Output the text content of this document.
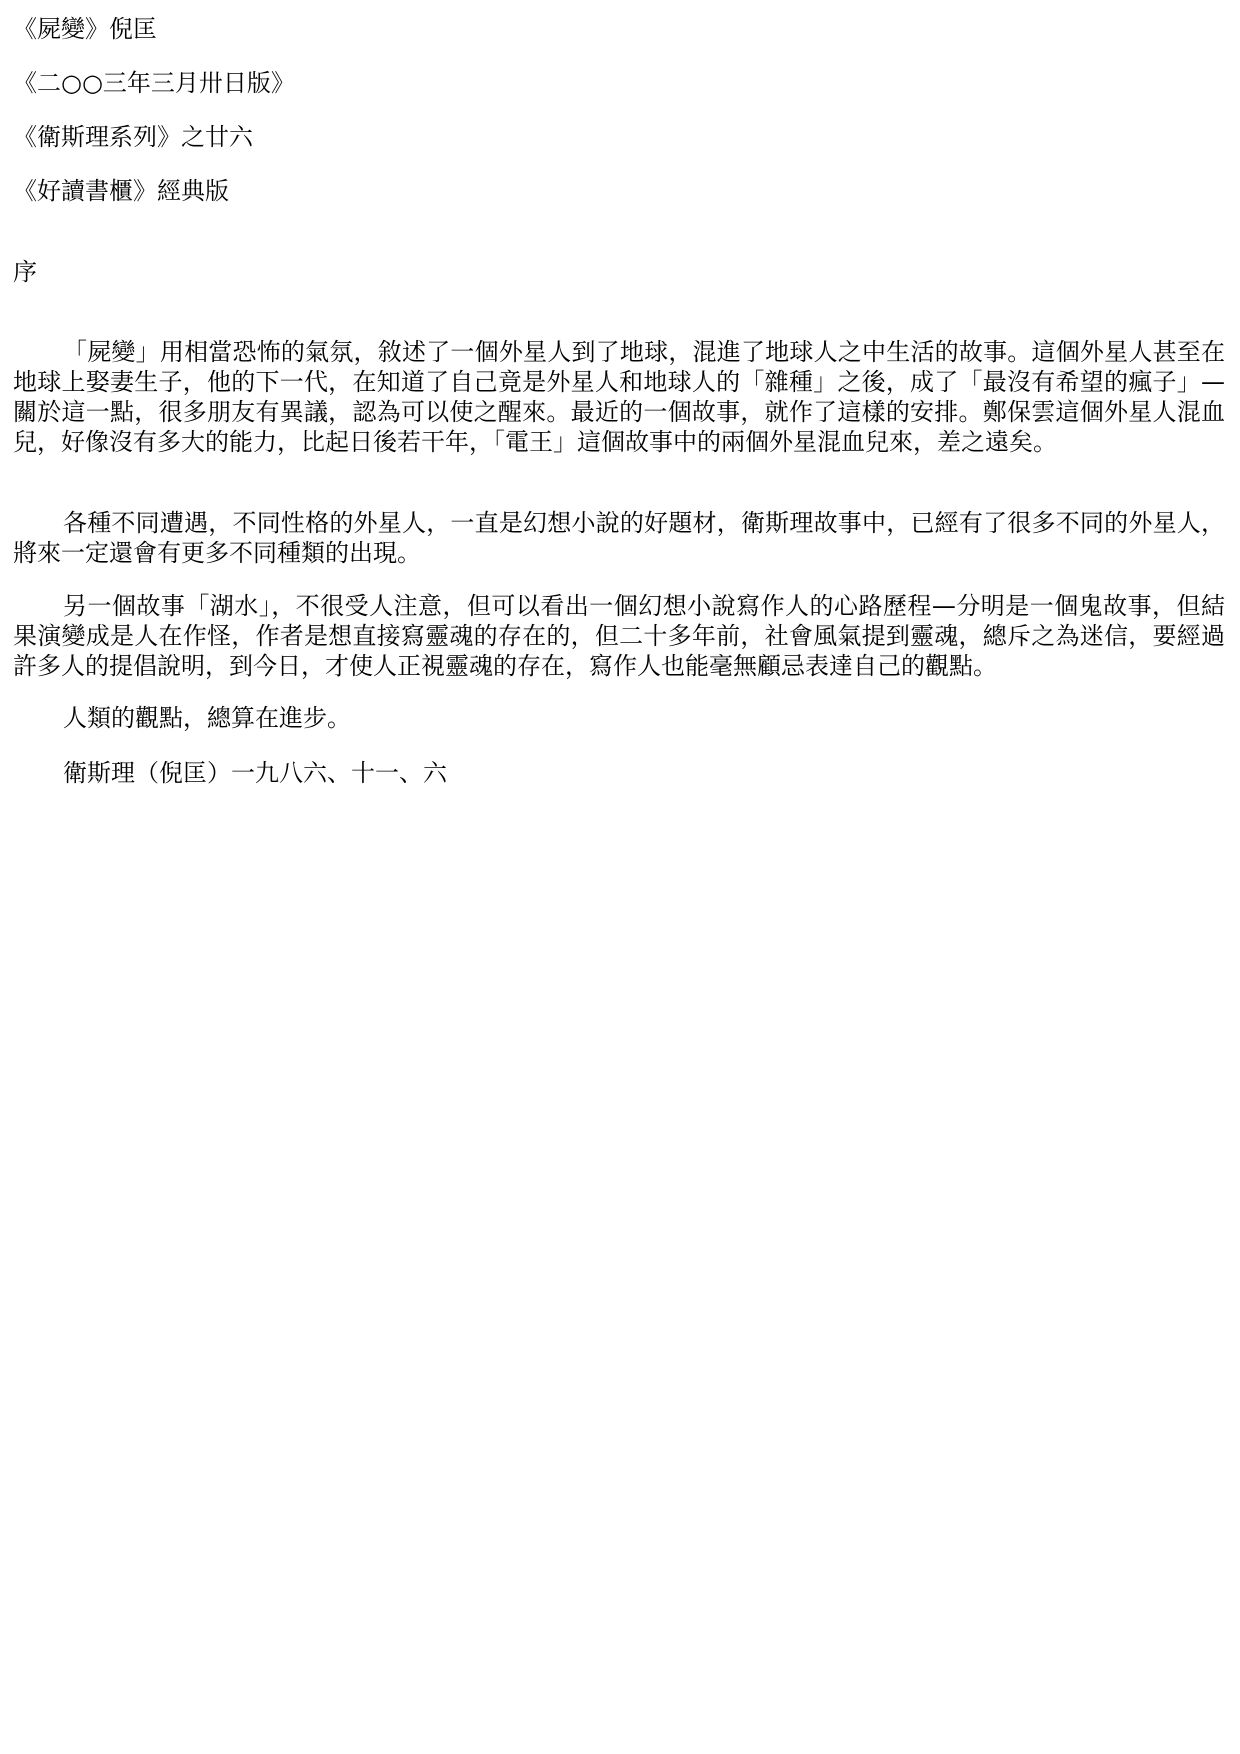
《屍變》倪匡
《二○○三年三月卅日版》
《衛斯理系列》之廿六
《好讀書櫃》經典版
序

「屍變」用相當恐怖的氣氛，敘述了一個外星人到了地球，混進了地球人之中生活的故事。這個外星人甚至在地球上娶妻生子，他的下一代，在知道了自己竟是外星人和地球人的「雜種」之後，成了「最沒有希望的瘋子」—關於這一點，很多朋友有異議，認為可以使之醒來。最近的一個故事，就作了這樣的安排。鄭保雲這個外星人混血兒，好像沒有多大的能力，比起日後若干年，「電王」這個故事中的兩個外星混血兒來，差之遠矣。

各種不同遭遇，不同性格的外星人，一直是幻想小說的好題材，衛斯理故事中，已經有了很多不同的外星人，將來一定還會有更多不同種類的出現。

另一個故事「湖水」，不很受人注意，但可以看出一個幻想小說寫作人的心路歷程—分明是一個鬼故事，但結果演變成是人在作怪，作者是想直接寫靈魂的存在的，但二十多年前，社會風氣提到靈魂，總斥之為迷信，要經過許多人的提倡說明，到今日，才使人正視靈魂的存在，寫作人也能毫無顧忌表達自己的觀點。

人類的觀點，總算在進步。

衛斯理（倪匡）一九八六、十一、六
